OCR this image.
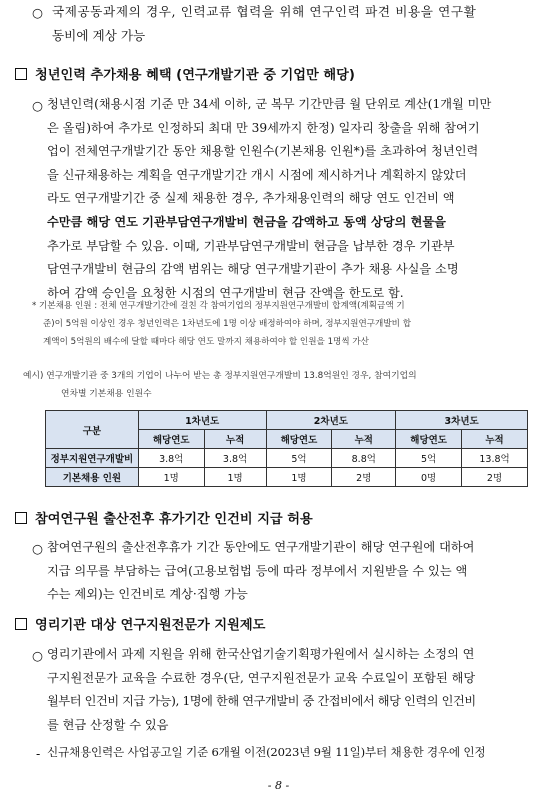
○ 국제공동과제의 경우, 인력교류 협력을 위해 연구인력 파견 비용을 연구활
동비에 계상 가능
청년인력 추가채용 혜택 (연구개발기관 중 기업만 해당)
○ 청년인력(채용시점 기준 만 34세 이하, 군 복무 기간만큼 월 단위로 계산(1개월 미만
은 올림)하여 추가로 인정하되 최대 만 39세까지 한정) 일자리 창출을 위해 참여기
업이 전체연구개발기간 동안 채용할 인원수(기본채용 인원*)를 초과하여 청년인력
을 신규채용하는 계획을 연구개발기간 개시 시점에 제시하거나 계획하지 않았더
라도 연구개발기간 중 실제 채용한 경우, 추가채용인력의 해당 연도 인건비 액
수만큼 해당 연도 기관부담연구개발비 현금을 감액하고 동액 상당의 현물을
추가로 부담할 수 있음. 이때, 기관부담연구개발비 현금을 납부한 경우 기관부
담연구개발비 현금의 감액 범위는 해당 연구개발기관이 추가 채용 사실을 소명
하여 감액 승인을 요청한 시점의 연구개발비 현금 잔액을 한도로 함.
* 기본채용 인원 : 전체 연구개발기간에 걸친 각 참여기업의 정부지원연구개발비 합계액(계획금액 기
준)이 5억원 이상인 경우 청년인력은 1차년도에 1명 이상 배정하여야 하며, 정부지원연구개발비 합
계액이 5억원의 배수에 달할 때마다 해당 연도 말까지 채용하여야 할 인원을 1명씩 가산
예시) 연구개발기관 중 3개의 기업이 나누어 받는 총 정부지원연구개발비 13.8억원인 경우, 참여기업의
연차별 기본채용 인원수
구분	1차년도		2차년도		3차년도	
	해당연도	누적	해당연도	누적	해당연도	누적
정부지원연구개발비	3.8억	3.8억	5억	8.8억	5억	13.8억
기본채용 인원	1명	1명	1명	2명	0명	2명
참여연구원 출산전후 휴가기간 인건비 지급 허용
○ 참여연구원의 출산전후휴가 기간 동안에도 연구개발기관이 해당 연구원에 대하여
지급 의무를 부담하는 급여(고용보험법 등에 따라 정부에서 지원받을 수 있는 액
수는 제외)는 인건비로 계상·집행 가능
영리기관 대상 연구지원전문가 지원제도
○ 영리기관에서 과제 지원을 위해 한국산업기술기획평가원에서 실시하는 소정의 연
구지원전문가 교육을 수료한 경우(단, 연구지원전문가 교육 수료일이 포함된 해당
월부터 인건비 지급 가능), 1명에 한해 연구개발비 중 간접비에서 해당 인력의 인건비
를 현금 산정할 수 있음
- 신규채용인력은 사업공고일 기준 6개월 이전(2023년 9월 11일)부터 채용한 경우에 인정
- 8 -
